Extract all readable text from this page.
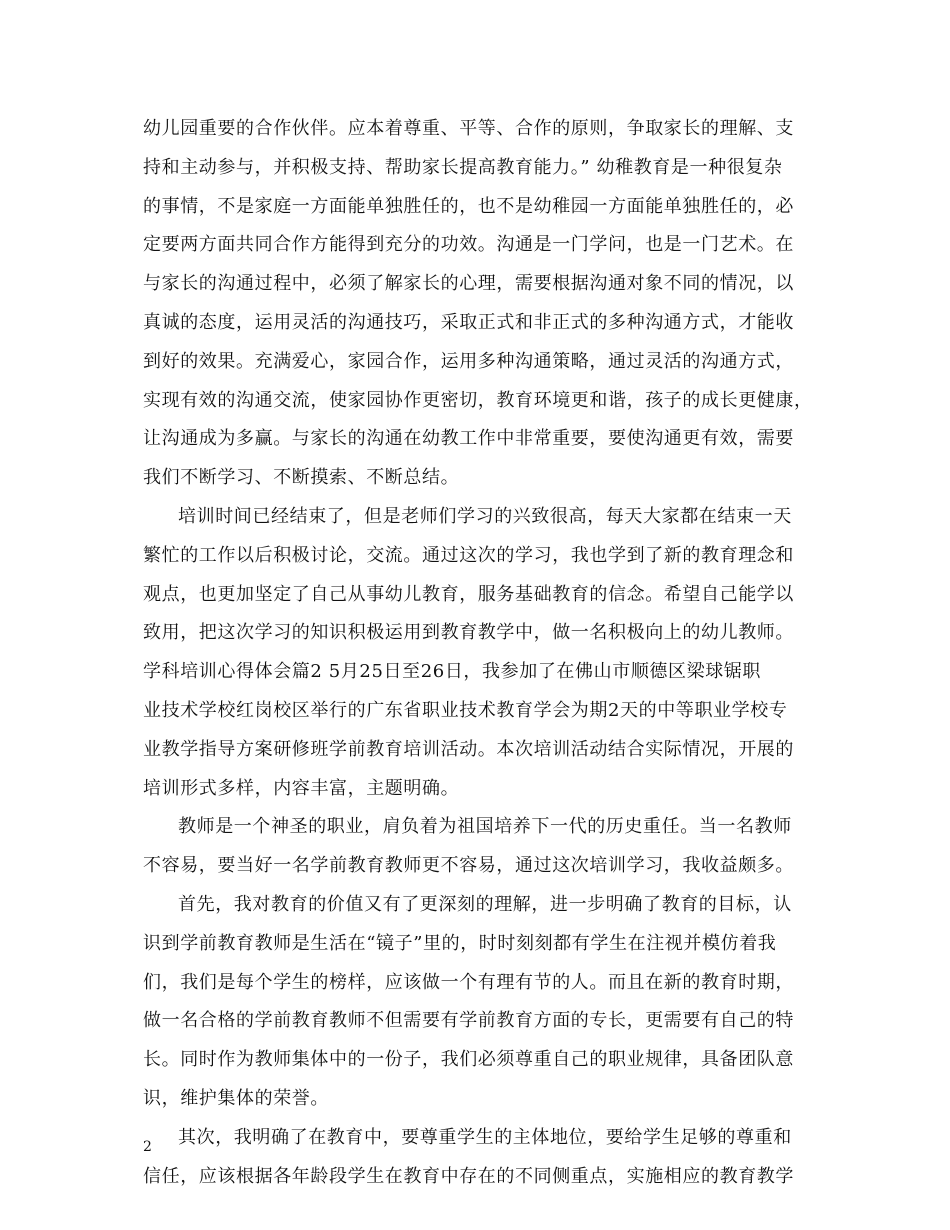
幼儿园重要的合作伙伴。应本着尊重、平等、合作的原则，争取家长的理解、支
持和主动参与，并积极支持、帮助家长提高教育能力。” 幼稚教育是一种很复杂
的事情，不是家庭一方面能单独胜任的，也不是幼稚园一方面能单独胜任的，必
定要两方面共同合作方能得到充分的功效。沟通是一门学问，也是一门艺术。在
与家长的沟通过程中，必须了解家长的心理，需要根据沟通对象不同的情况，以
真诚的态度，运用灵活的沟通技巧，采取正式和非正式的多种沟通方式，才能收
到好的效果。充满爱心，家园合作，运用多种沟通策略，通过灵活的沟通方式，
实现有效的沟通交流，使家园协作更密切，教育环境更和谐，孩子的成长更健康，
让沟通成为多赢。与家长的沟通在幼教工作中非常重要，要使沟通更有效，需要
我们不断学习、不断摸索、不断总结。
培训时间已经结束了，但是老师们学习的兴致很高，每天大家都在结束一天
繁忙的工作以后积极讨论，交流。通过这次的学习，我也学到了新的教育理念和
观点，也更加坚定了自己从事幼儿教育，服务基础教育的信念。希望自己能学以
致用，把这次学习的知识积极运用到教育教学中，做一名积极向上的幼儿教师。
学科培训心得体会篇2 5月25日至26日，我参加了在佛山市顺德区梁球锯职
业技术学校红岗校区举行的广东省职业技术教育学会为期2天的中等职业学校专
业教学指导方案研修班学前教育培训活动。本次培训活动结合实际情况，开展的
培训形式多样，内容丰富，主题明确。
教师是一个神圣的职业，肩负着为祖国培养下一代的历史重任。当一名教师
不容易，要当好一名学前教育教师更不容易，通过这次培训学习，我收益颇多。
首先，我对教育的价值又有了更深刻的理解，进一步明确了教育的目标，认
识到学前教育教师是生活在“镜子”里的，时时刻刻都有学生在注视并模仿着我
们，我们是每个学生的榜样，应该做一个有理有节的人。而且在新的教育时期，
做一名合格的学前教育教师不但需要有学前教育方面的专长，更需要有自己的特
长。同时作为教师集体中的一份子，我们必须尊重自己的职业规律，具备团队意
识，维护集体的荣誉。
其次，我明确了在教育中，要尊重学生的主体地位，要给学生足够的尊重和
信任，应该根据各年龄段学生在教育中存在的不同侧重点，实施相应的教育教学
2
